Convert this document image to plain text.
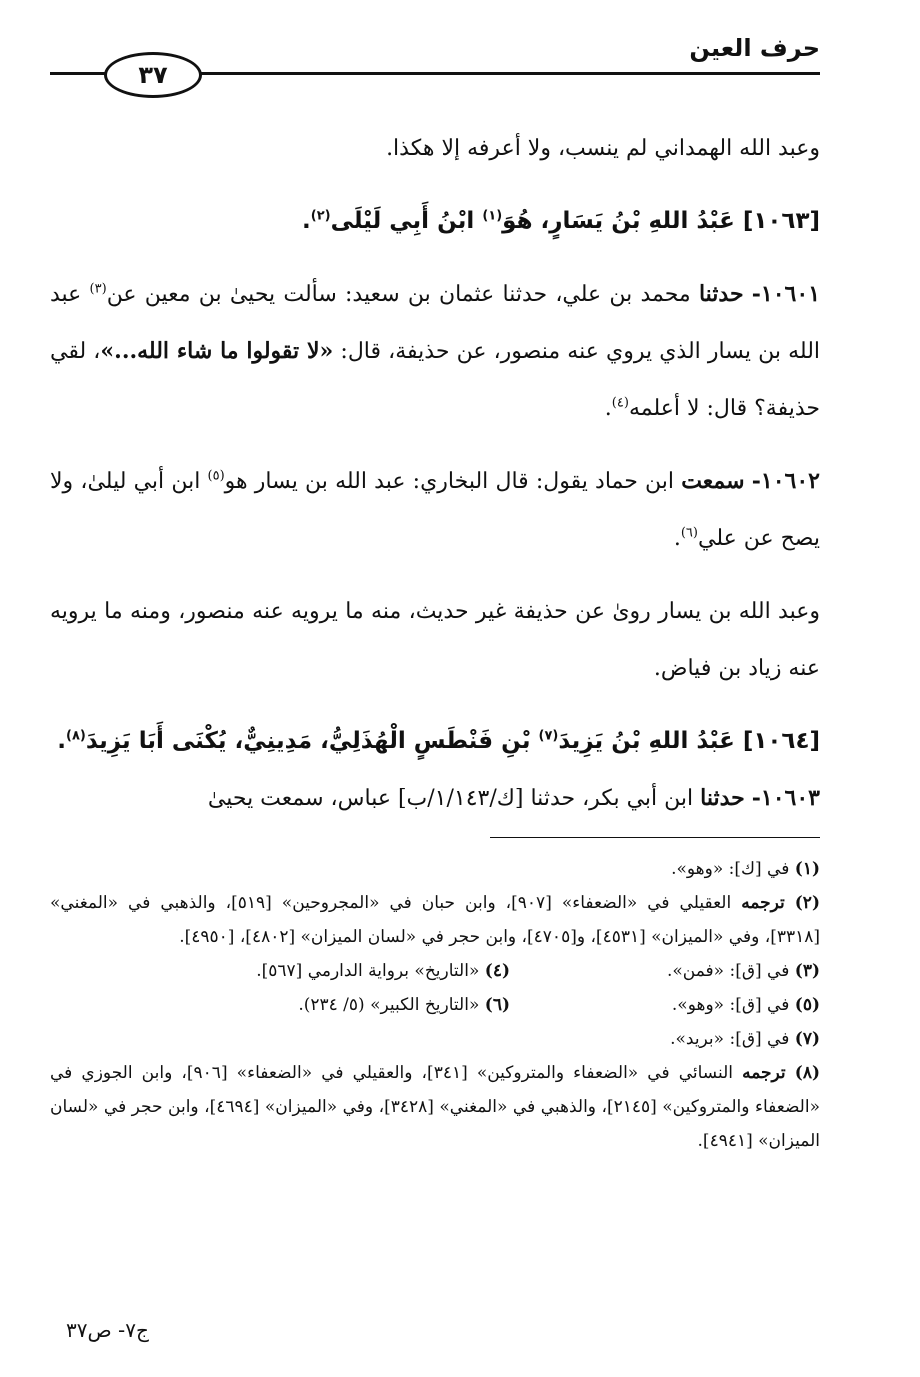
حرف العين
٣٧

وعبد الله الهمداني لم ينسب، ولا أعرفه إلا هكذا.

[١٠٦٣] عَبْدُ اللهِ بْنُ يَسَارٍ، هُوَ$^{(١)}$ ابْنُ أَبِي لَيْلَى$^{(٢)}$.

١٠٦٠١- حدثنا محمد بن علي، حدثنا عثمان بن سعيد: سألت يحيىٰ بن معين عن$^{(٣)}$ عبد الله بن يسار الذي يروي عنه منصور، عن حذيفة، قال: «لا تقولوا ما شاء الله...»، لقي حذيفة؟ قال: لا أعلمه$^{(٤)}$.

١٠٦٠٢- سمعت ابن حماد يقول: قال البخاري: عبد الله بن يسار هو$^{(٥)}$ ابن أبي ليلىٰ، ولا يصح عن علي$^{(٦)}$.

وعبد الله بن يسار روىٰ عن حذيفة غير حديث، منه ما يرويه عنه منصور، ومنه ما يرويه عنه زياد بن فياض.

[١٠٦٤] عَبْدُ اللهِ بْنُ يَزِيدَ$^{(٧)}$ بْنِ فَنْطَسٍ الْهُذَلِيُّ، مَدِينِيٌّ، يُكْنَى أَبَا يَزِيدَ$^{(٨)}$.

١٠٦٠٣- حدثنا ابن أبي بكر، حدثنا [ك/١/١٤٣/ب] عباس، سمعت يحيىٰ

(١) في [ك]: «وهو».

(٢) ترجمه العقيلي في «الضعفاء» [٩٠٧]، وابن حبان في «المجروحين» [٥١٩]، والذهبي في «المغني» [٣٣١٨]، وفي «الميزان» [٤٥٣١]، و[٤٧٠٥]، وابن حجر في «لسان الميزان» [٤٨٠٢]، [٤٩٥٠].

(٣) في [ق]: «فمن».

(٤) «التاريخ» برواية الدارمي [٥٦٧].

(٥) في [ق]: «وهو».

(٦) «التاريخ الكبير» (٥/ ٢٣٤).

(٧) في [ق]: «بريد».

(٨) ترجمه النسائي في «الضعفاء والمتروكين» [٣٤١]، والعقيلي في «الضعفاء» [٩٠٦]، وابن الجوزي في «الضعفاء والمتروكين» [٢١٤٥]، والذهبي في «المغني» [٣٤٢٨]، وفي «الميزان» [٤٦٩٤]، وابن حجر في «لسان الميزان» [٤٩٤١].

ج٧- ص٣٧
